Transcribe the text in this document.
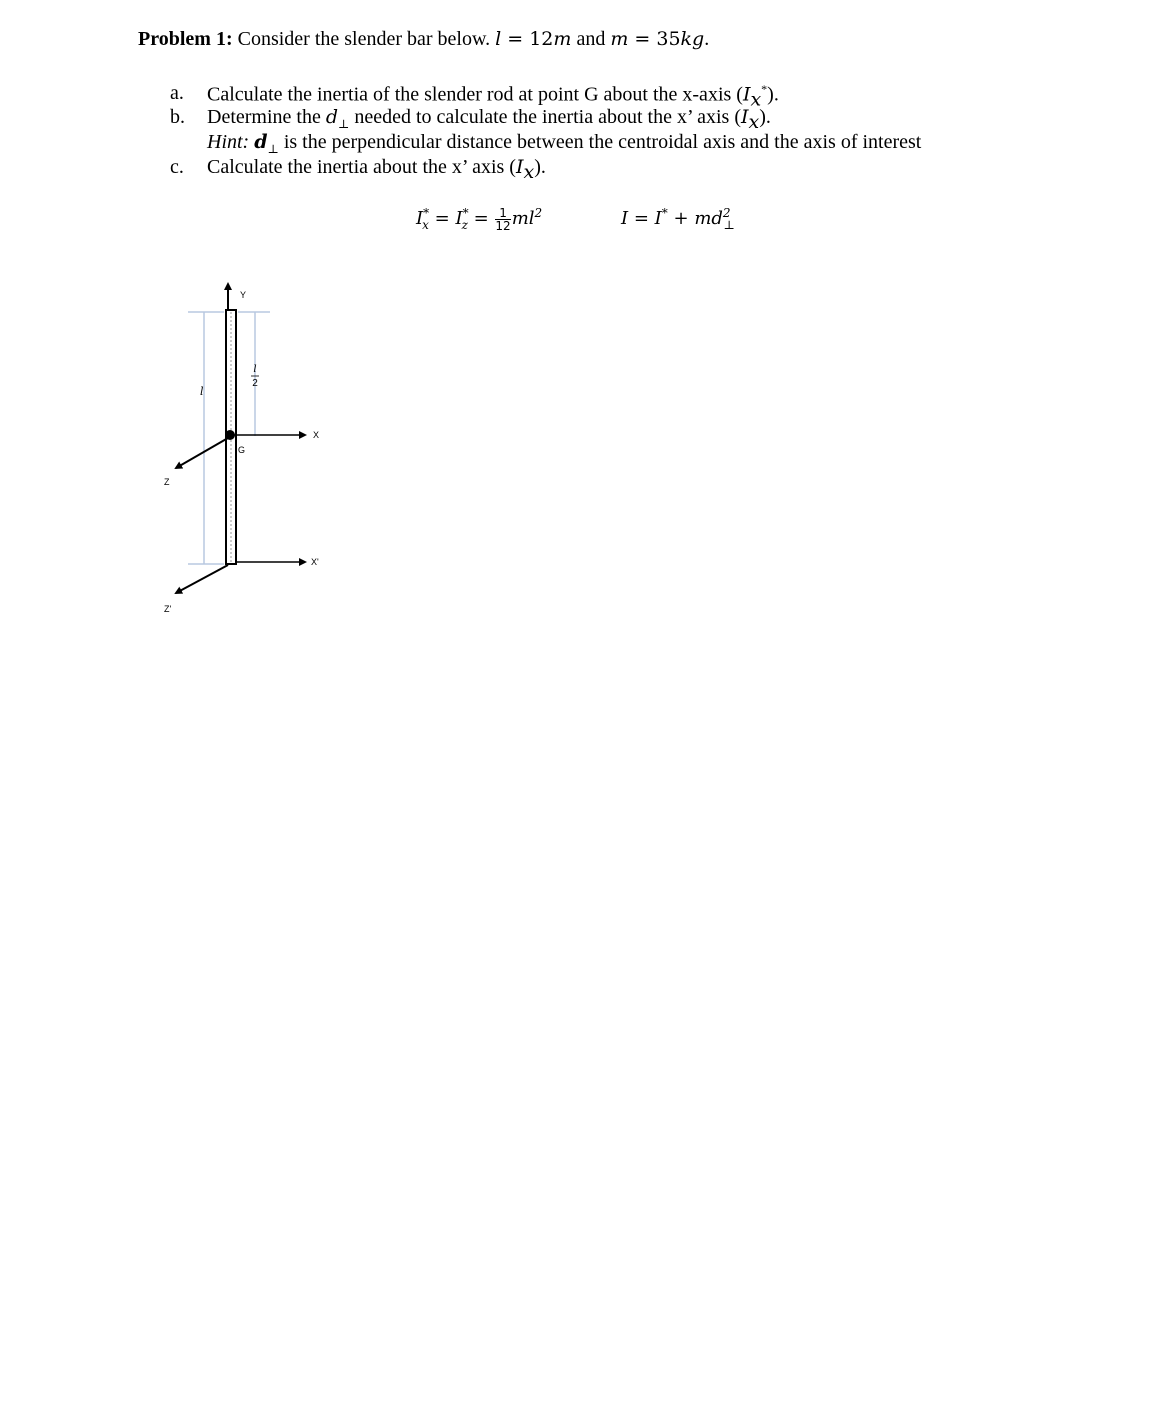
Problem 1: Consider the slender bar below. l = 12m and m = 35kg.
a.	Calculate the inertia of the slender rod at point G about the x-axis $(I_x^*)$.
b.	Determine the $d_\perp$ needed to calculate the inertia about the x’ axis $(I_x)$.
Hint: $d_\perp$ is the perpendicular distance between the centroidal axis and the axis of interest
c.	Calculate the inertia about the x’ axis $(I_x)$.
$I^*_x = I^*_z = \frac{1}{12} ml^2$	$I = I^* + md^2_\perp$
Y
G
X
Z
X'
Z'
l
l
2
